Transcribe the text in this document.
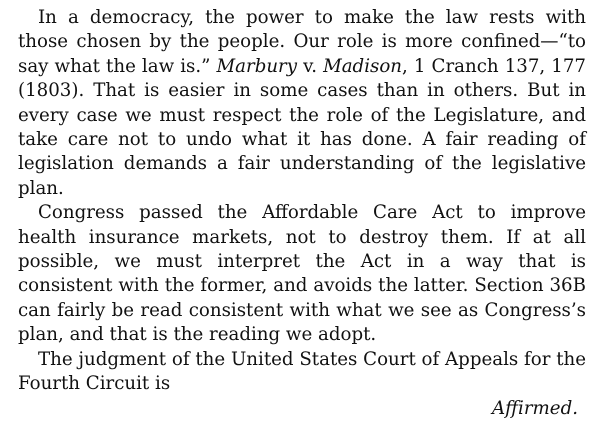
In a democracy, the power to make the law rests with those chosen by the people. Our role is more confined—“to say what the law is.” Marbury v. Madison, 1 Cranch 137, 177 (1803). That is easier in some cases than in others. But in every case we must respect the role of the Legislature, and take care not to undo what it has done. A fair reading of legislation demands a fair understanding of the legislative plan.

Congress passed the Affordable Care Act to improve health insurance markets, not to destroy them. If at all possible, we must interpret the Act in a way that is consistent with the former, and avoids the latter. Section 36B can fairly be read consistent with what we see as Congress’s plan, and that is the reading we adopt.

The judgment of the United States Court of Appeals for the Fourth Circuit is

Affirmed.
